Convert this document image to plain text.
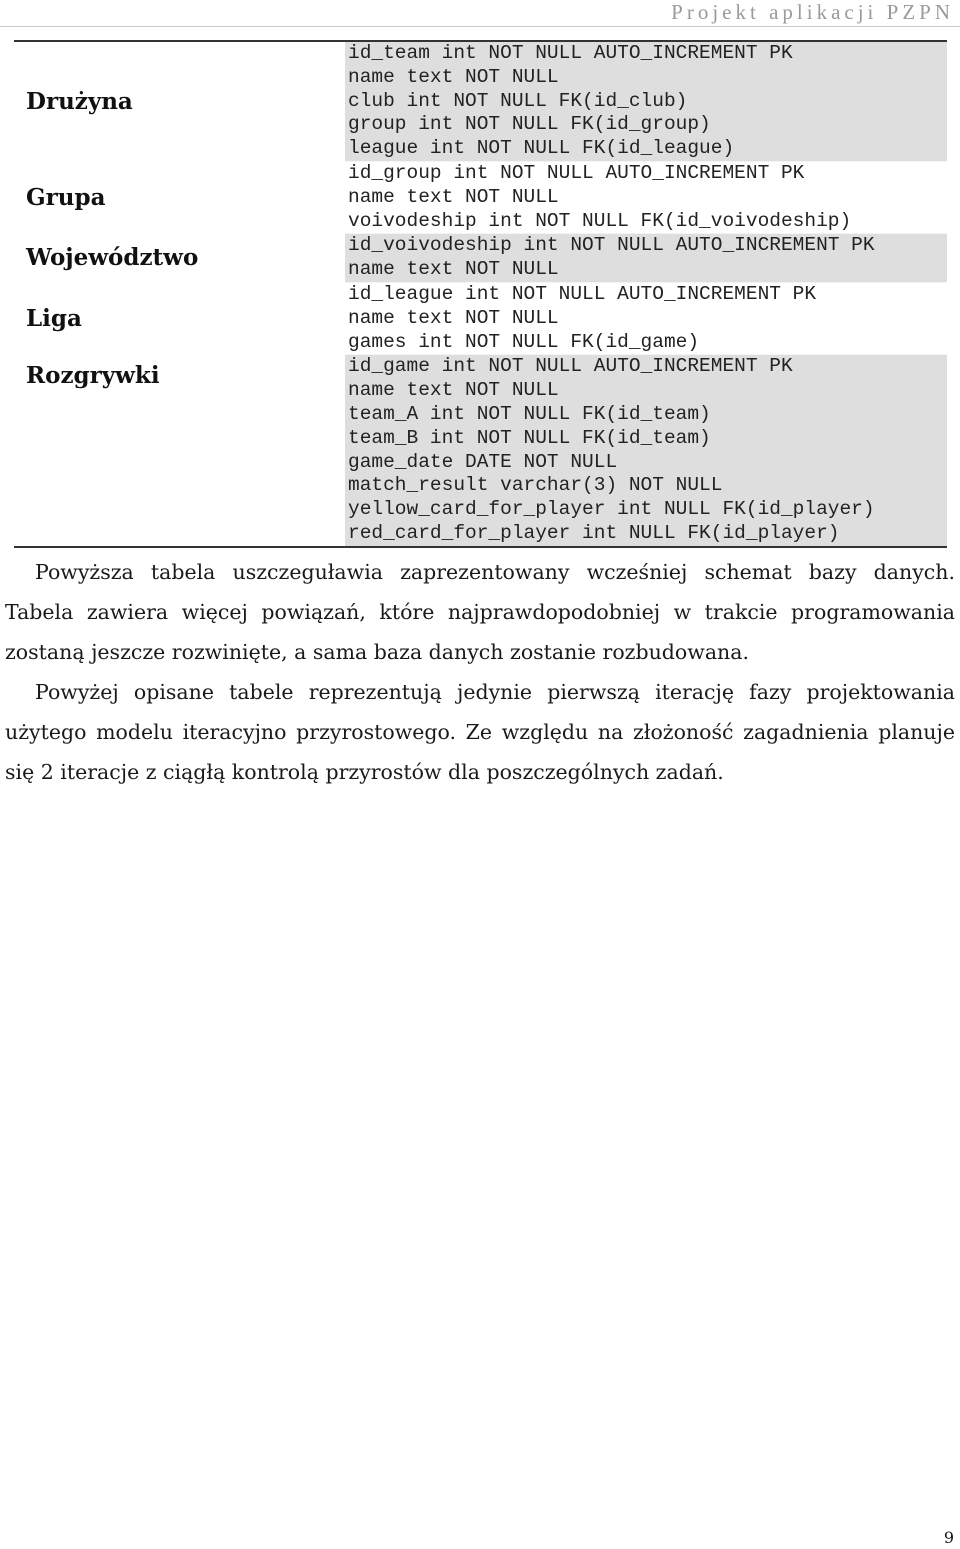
Projekt aplikacji PZPN
Drużyna
id_team int NOT NULL AUTO_INCREMENT PK
name text NOT NULL
club int NOT NULL FK(id_club)
group int NOT NULL FK(id_group)
league int NOT NULL FK(id_league)
Grupa
id_group int NOT NULL AUTO_INCREMENT PK
name text NOT NULL
voivodeship int NOT NULL FK(id_voivodeship)
Województwo	id_voivodeship int NOT NULL AUTO_INCREMENT PK
name text NOT NULL
Liga
id_league int NOT NULL AUTO_INCREMENT PK
name text NOT NULL
games int NOT NULL FK(id_game)
Rozgrywki	id_game int NOT NULL AUTO_INCREMENT PK
name text NOT NULL
team_A int NOT NULL FK(id_team)
team_B int NOT NULL FK(id_team)
game_date DATE NOT NULL
match_result varchar(3) NOT NULL
yellow_card_for_player int NULL FK(id_player)
red_card_for_player int NULL FK(id_player)

Powyższa tabela uszczeguławia zaprezentowany wcześniej schemat bazy danych. Tabela zawiera więcej powiązań, które najprawdopodobniej w trakcie programowania zostaną jeszcze rozwinięte, a sama baza danych zostanie rozbudowana.

Powyżej opisane tabele reprezentują jedynie pierwszą iterację fazy projektowania użytego modelu iteracyjno przyrostowego. Ze względu na złożoność zagadnienia planuje się 2 iteracje z ciągłą kontrolą przyrostów dla poszczególnych zadań.

9
